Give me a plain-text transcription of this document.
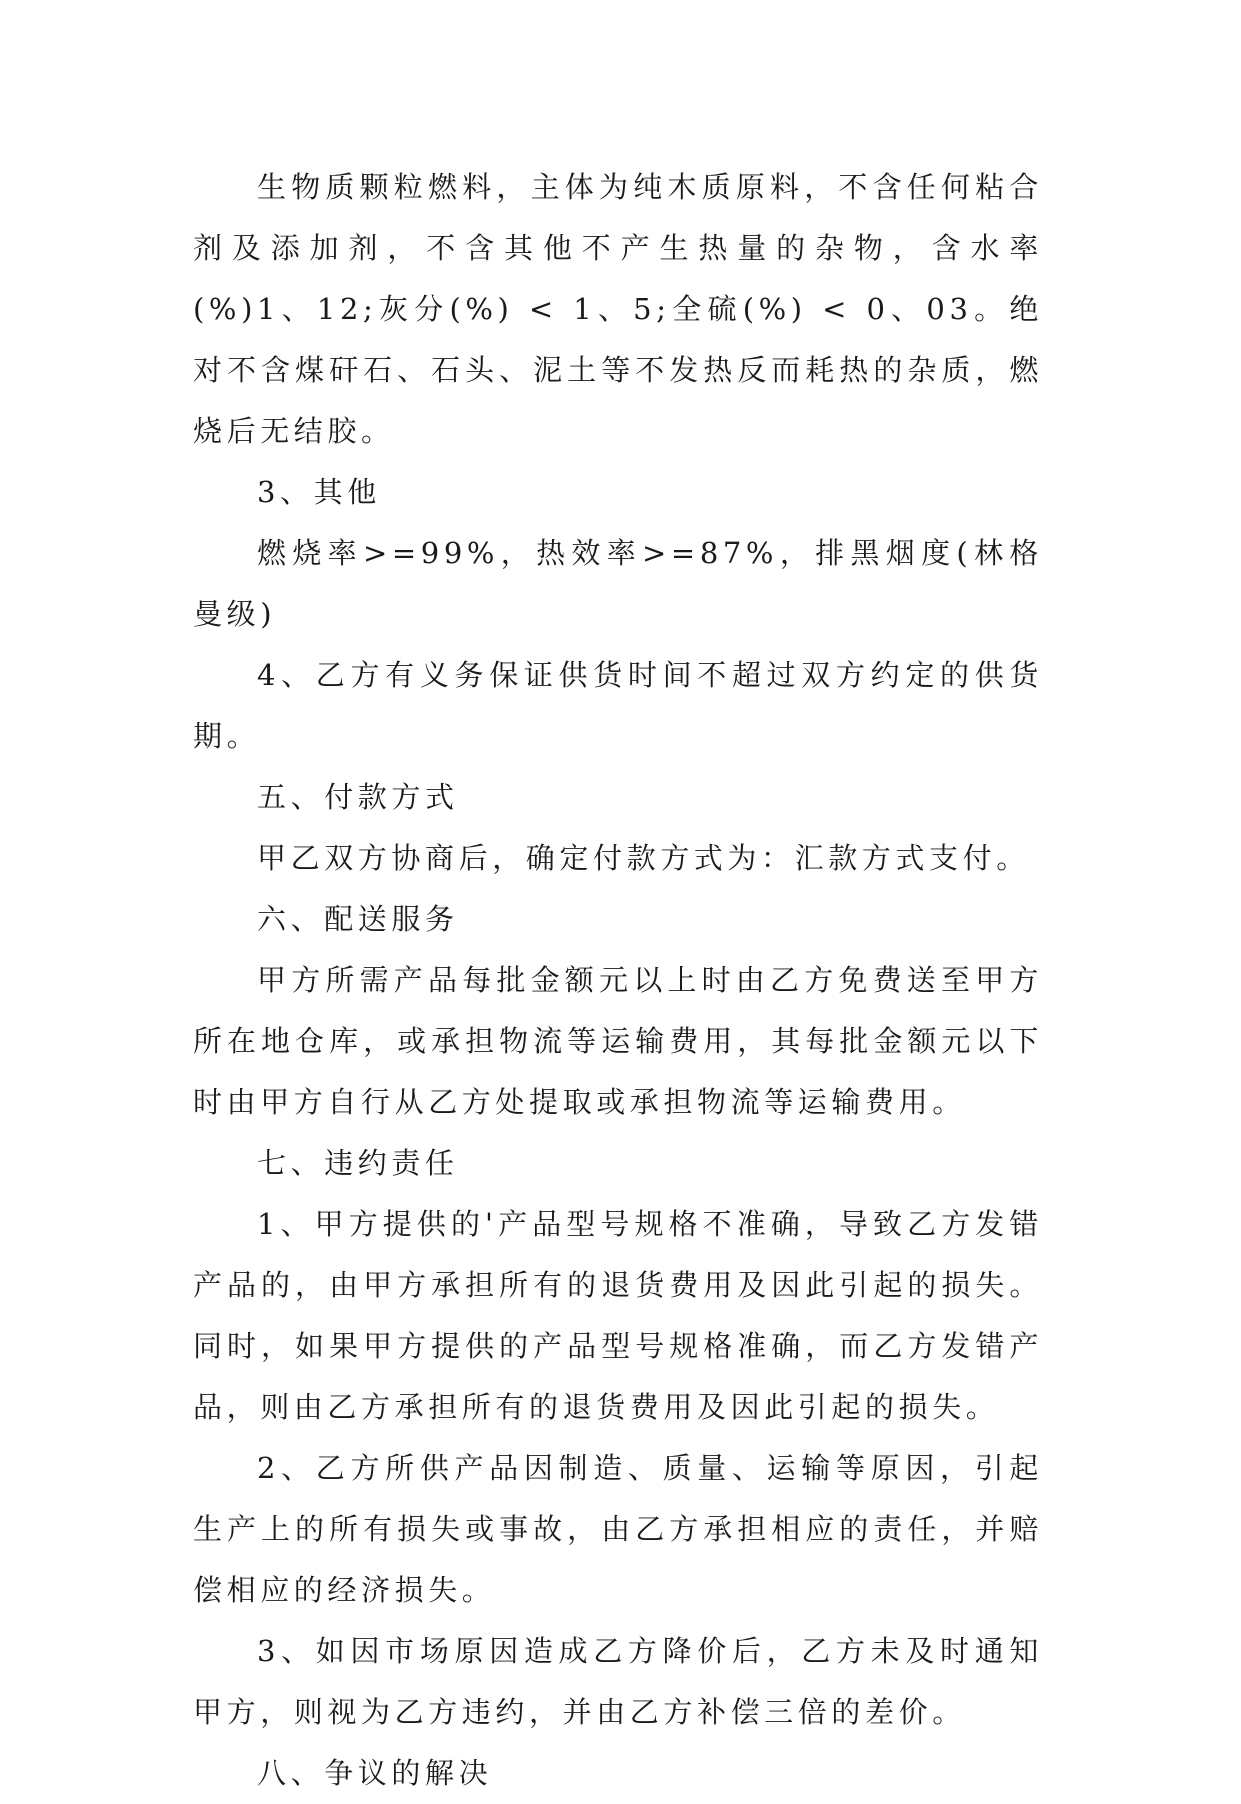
生物质颗粒燃料，主体为纯木质原料，不含任何粘合剂及添加剂，不含其他不产生热量的杂物，含水率(%)1、12;灰分(%) < 1、5;全硫(%) < 0、03。绝对不含煤矸石、石头、泥土等不发热反而耗热的杂质，燃烧后无结胶。

3、其他

燃烧率>=99%，热效率>=87%，排黑烟度(林格曼级)

4、乙方有义务保证供货时间不超过双方约定的供货期。

五、付款方式

甲乙双方协商后，确定付款方式为：汇款方式支付。

六、配送服务

甲方所需产品每批金额元以上时由乙方免费送至甲方所在地仓库，或承担物流等运输费用，其每批金额元以下时由甲方自行从乙方处提取或承担物流等运输费用。

七、违约责任

1、甲方提供的'产品型号规格不准确，导致乙方发错产品的，由甲方承担所有的退货费用及因此引起的损失。同时，如果甲方提供的产品型号规格准确，而乙方发错产品，则由乙方承担所有的退货费用及因此引起的损失。

2、乙方所供产品因制造、质量、运输等原因，引起生产上的所有损失或事故，由乙方承担相应的责任，并赔偿相应的经济损失。

3、如因市场原因造成乙方降价后，乙方未及时通知甲方，则视为乙方违约，并由乙方补偿三倍的差价。

八、争议的解决
